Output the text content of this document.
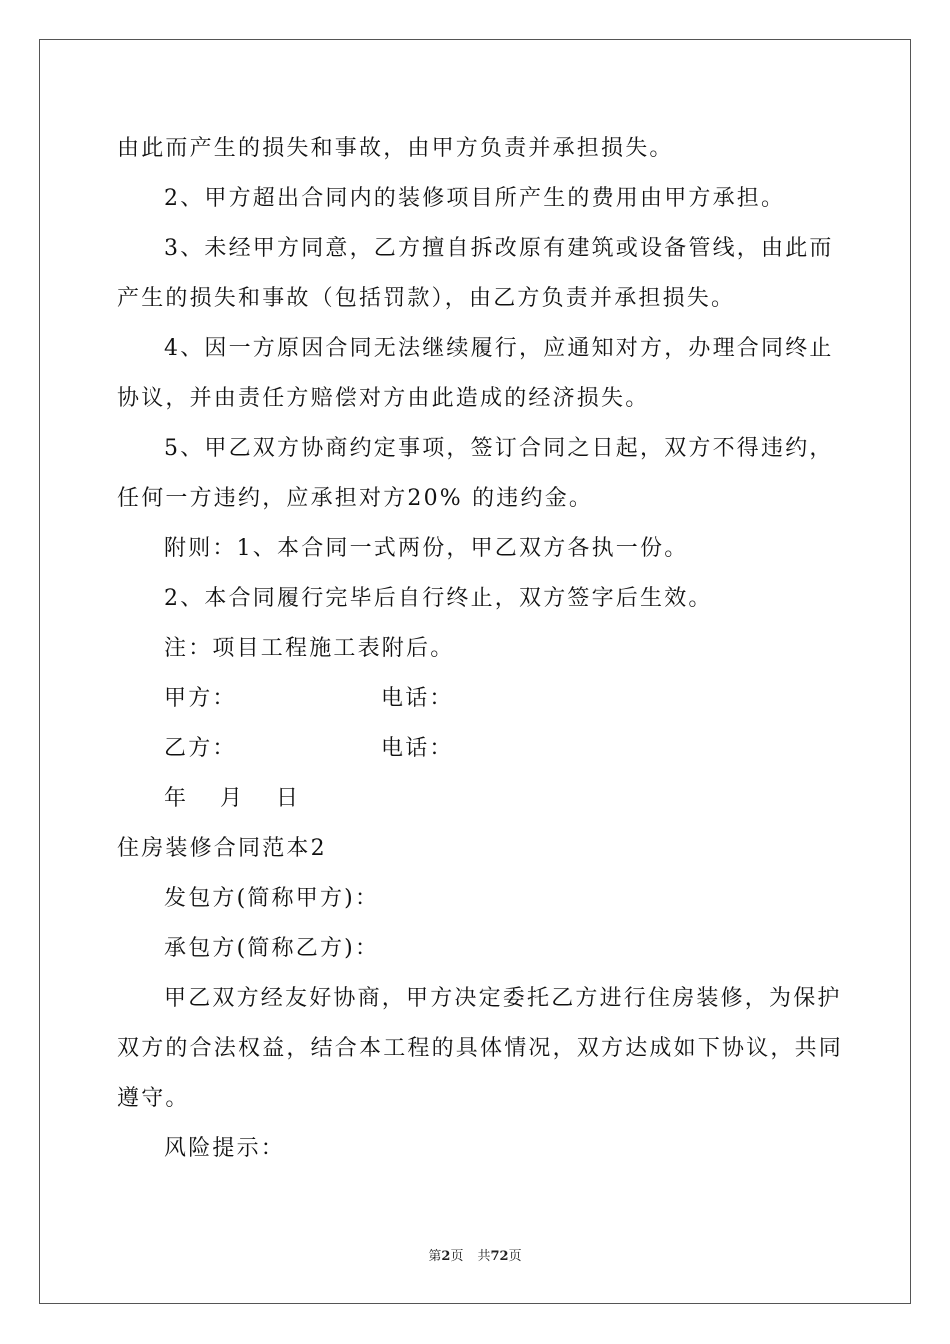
由此而产生的损失和事故，由甲方负责并承担损失。
2、甲方超出合同内的装修项目所产生的费用由甲方承担。
3、未经甲方同意，乙方擅自拆改原有建筑或设备管线，由此而
产生的损失和事故（包括罚款），由乙方负责并承担损失。
4、因一方原因合同无法继续履行，应通知对方，办理合同终止
协议，并由责任方赔偿对方由此造成的经济损失。
5、甲乙双方协商约定事项，签订合同之日起，双方不得违约，
任何一方违约，应承担对方20% 的违约金。
附则：1、本合同一式两份，甲乙双方各执一份。
2、本合同履行完毕后自行终止，双方签字后生效。
注：项目工程施工表附后。
甲方：	电话：
乙方：	电话：
年　月　日
住房装修合同范本2
发包方(简称甲方)：
承包方(简称乙方)：
甲乙双方经友好协商，甲方决定委托乙方进行住房装修，为保护
双方的合法权益，结合本工程的具体情况，双方达成如下协议，共同
遵守。
风险提示：
第2页 共72页
